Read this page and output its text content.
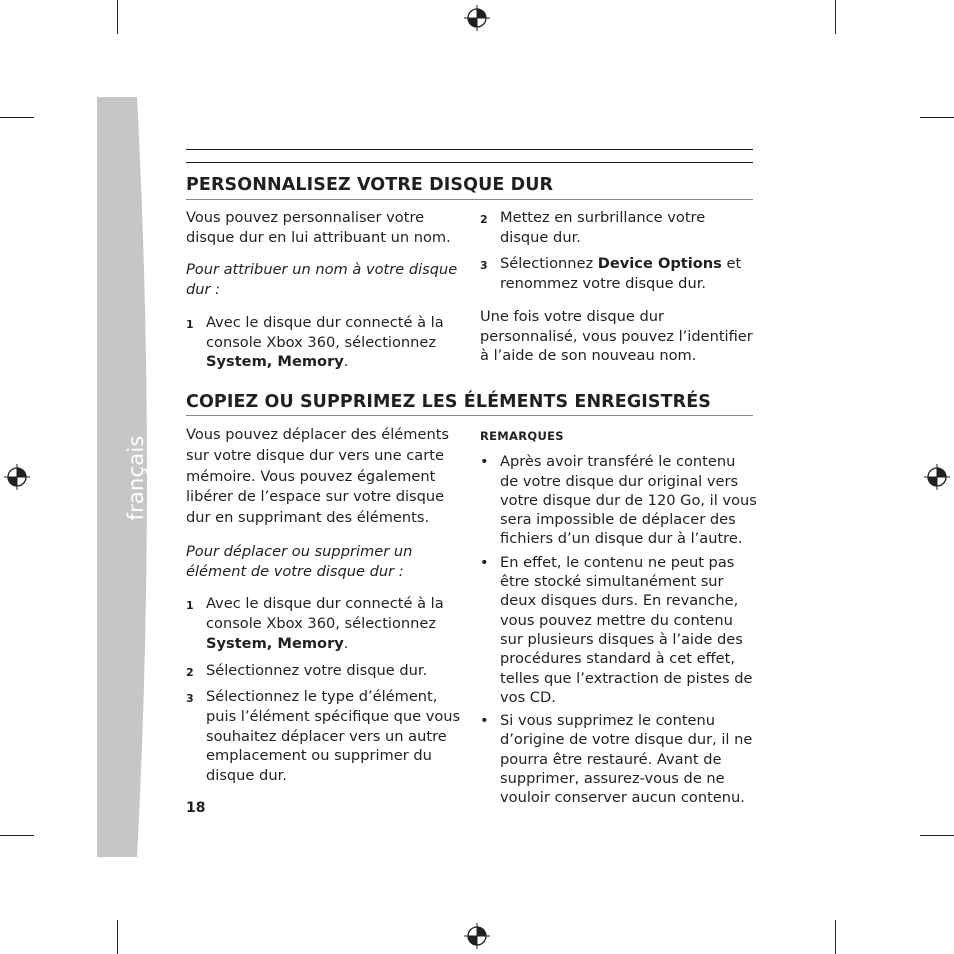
français
PERSONNALISEZ VOTRE DISQUE DUR

Vous pouvez personnaliser votre disque dur en lui attribuant un nom.

Pour attribuer un nom à votre disque dur :

1 Avec le disque dur connecté à la console Xbox 360, sélectionnez System, Memory.
2 Mettez en surbrillance votre disque dur.
3 Sélectionnez Device Options et renommez votre disque dur.

Une fois votre disque dur personnalisé, vous pouvez l’identifier à l’aide de son nouveau nom.

COPIEZ OU SUPPRIMEZ LES ÉLÉMENTS ENREGISTRÉS

Vous pouvez déplacer des éléments sur votre disque dur vers une carte mémoire. Vous pouvez également libérer de l’espace sur votre disque dur en supprimant des éléments.

Pour déplacer ou supprimer un élément de votre disque dur :

1 Avec le disque dur connecté à la console Xbox 360, sélectionnez System, Memory.
2 Sélectionnez votre disque dur.
3 Sélectionnez le type d’élément, puis l’élément spécifique que vous souhaitez déplacer vers un autre emplacement ou supprimer du disque dur.
REMARQUES
• Après avoir transféré le contenu de votre disque dur original vers votre disque dur de 120 Go, il vous sera impossible de déplacer des fichiers d’un disque dur à l’autre.
• En effet, le contenu ne peut pas être stocké simultanément sur deux disques durs. En revanche, vous pouvez mettre du contenu sur plusieurs disques à l’aide des procédures standard à cet effet, telles que l’extraction de pistes de vos CD.
• Si vous supprimez le contenu d’origine de votre disque dur, il ne pourra être restauré. Avant de supprimer, assurez-vous de ne vouloir conserver aucun contenu.
18
